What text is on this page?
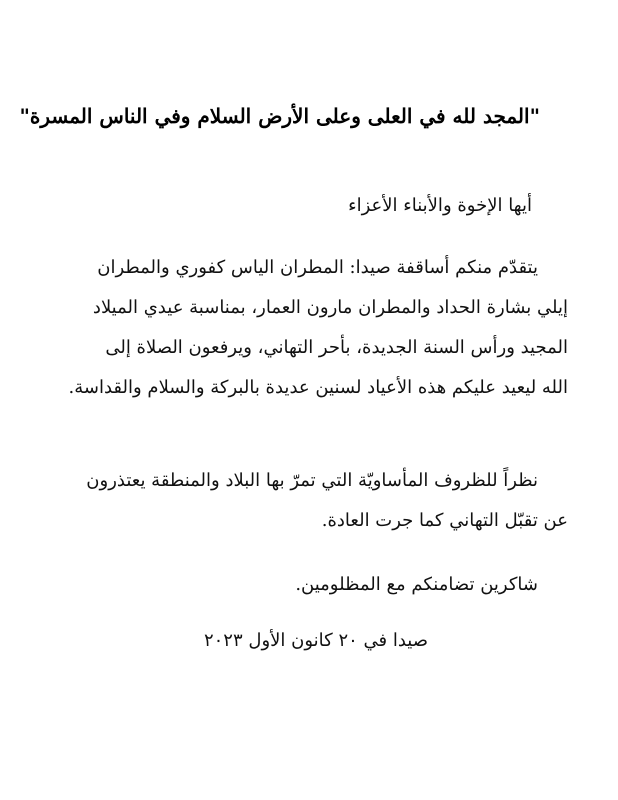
"المجد لله في العلى وعلى الأرض السلام وفي الناس المسرة"
أيها الإخوة والأبناء الأعزاء
يتقدّم منكم أساقفة صيدا: المطران الياس كفوري والمطران
إيلي بشارة الحداد والمطران مارون العمار، بمناسبة عيدي الميلاد
المجيد ورأس السنة الجديدة، بأحر التهاني، ويرفعون الصلاة إلى
الله ليعيد عليكم هذه الأعياد لسنين عديدة بالبركة والسلام والقداسة.
نظراً للظروف المأساويّة التي تمرّ بها البلاد والمنطقة يعتذرون
عن تقبّل التهاني كما جرت العادة.
شاكرين تضامنكم مع المظلومين.
صيدا في ٢٠ كانون الأول ٢٠٢٣
